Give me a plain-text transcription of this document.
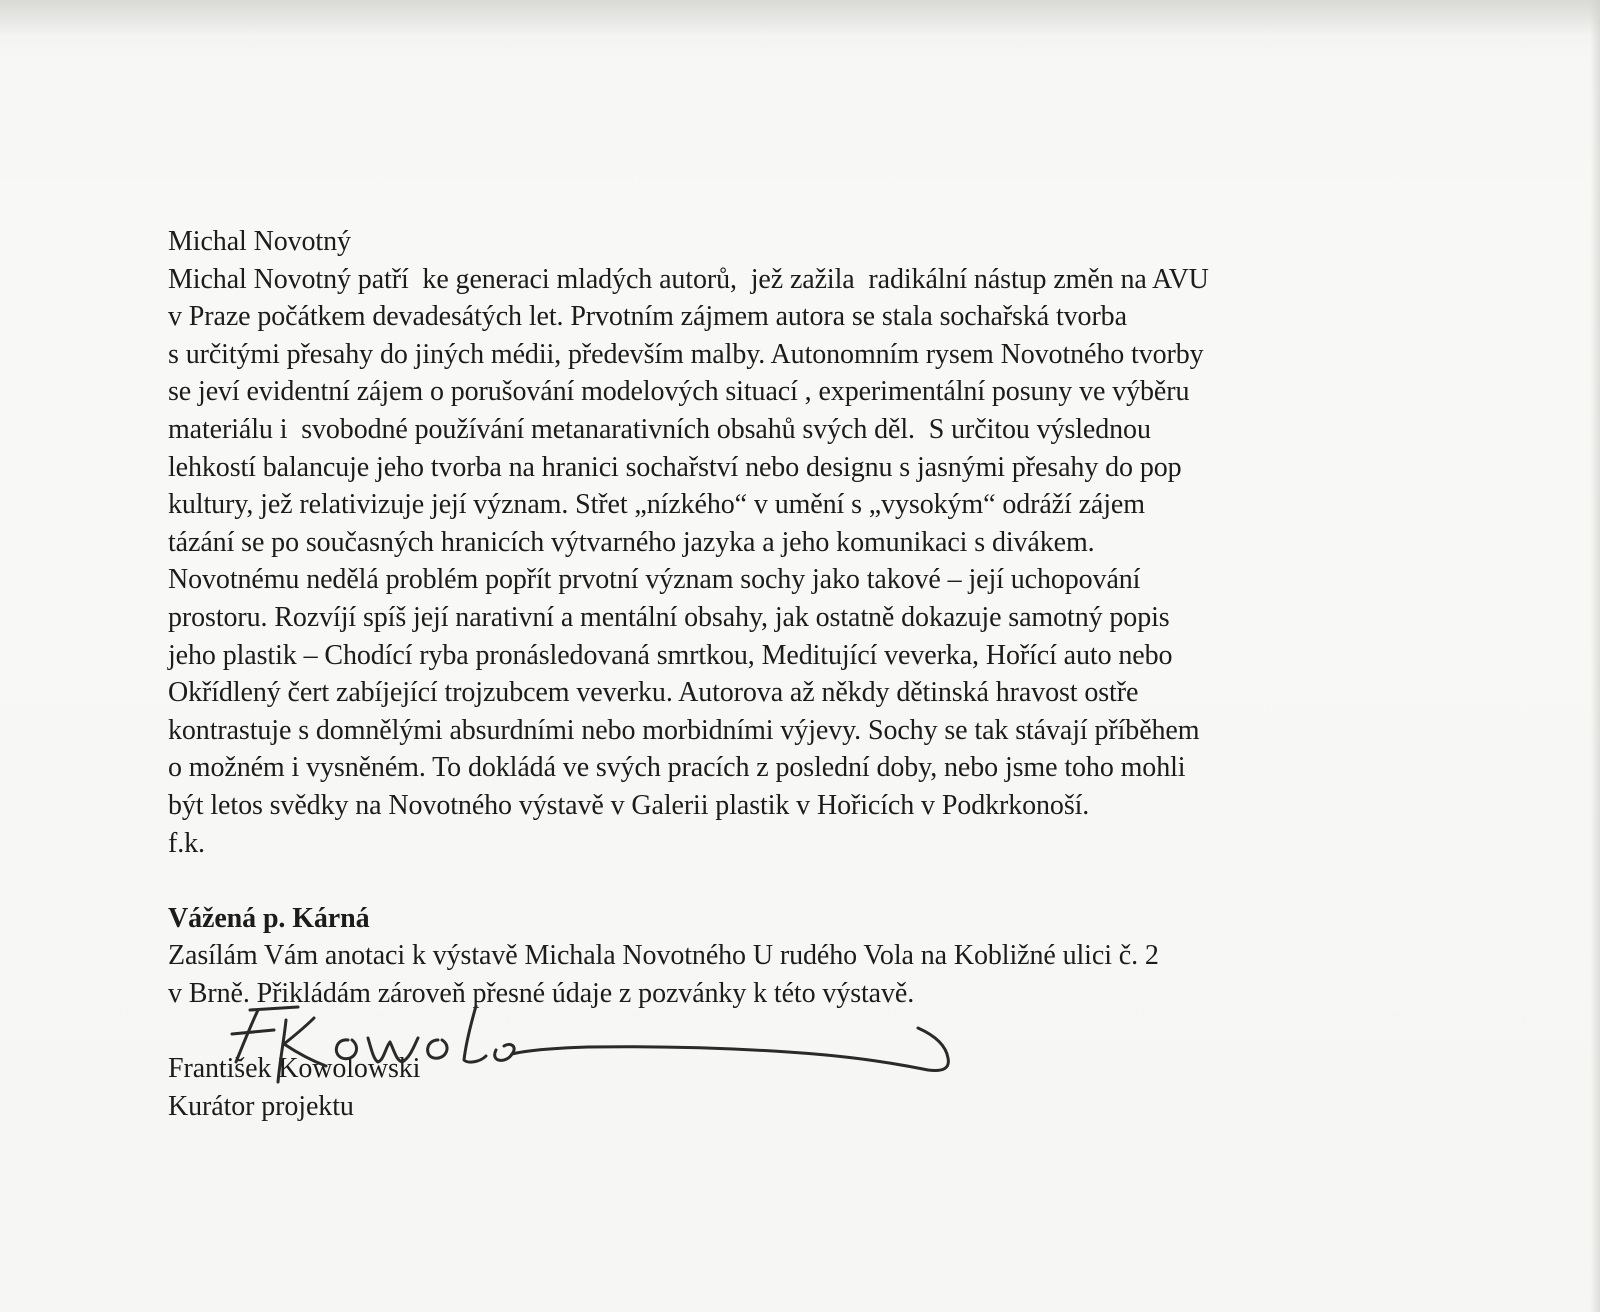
Michal Novotný
Michal Novotný patří  ke generaci mladých autorů,  jež zažila  radikální nástup změn na AVU
v Praze počátkem devadesátých let. Prvotním zájmem autora se stala sochařská tvorba
s určitými přesahy do jiných médii, především malby. Autonomním rysem Novotného tvorby
se jeví evidentní zájem o porušování modelových situací , experimentální posuny ve výběru
materiálu i  svobodné používání metanarativních obsahů svých děl.  S určitou výslednou
lehkostí balancuje jeho tvorba na hranici sochařství nebo designu s jasnými přesahy do pop
kultury, jež relativizuje její význam. Střet „nízkého“ v umění s „vysokým“ odráží zájem
tázání se po současných hranicích výtvarného jazyka a jeho komunikaci s divákem.
Novotnému nedělá problém popřít prvotní význam sochy jako takové – její uchopování
prostoru. Rozvíjí spíš její narativní a mentální obsahy, jak ostatně dokazuje samotný popis
jeho plastik – Chodící ryba pronásledovaná smrtkou, Meditující veverka, Hořící auto nebo
Okřídlený čert zabíjející trojzubcem veverku. Autorova až někdy dětinská hravost ostře
kontrastuje s domnělými absurdními nebo morbidními výjevy. Sochy se tak stávají příběhem
o možném i vysněném. To dokládá ve svých pracích z poslední doby, nebo jsme toho mohli
být letos svědky na Novotného výstavě v Galerii plastik v Hořicích v Podkrkonoší.
f.k.
Vážená p. Kárná
Zasílám Vám anotaci k výstavě Michala Novotného U rudého Vola na Kobližné ulici č. 2
v Brně. Přikládám zároveň přesné údaje z pozvánky k této výstavě.
František Kowolowski
Kurátor projektu
